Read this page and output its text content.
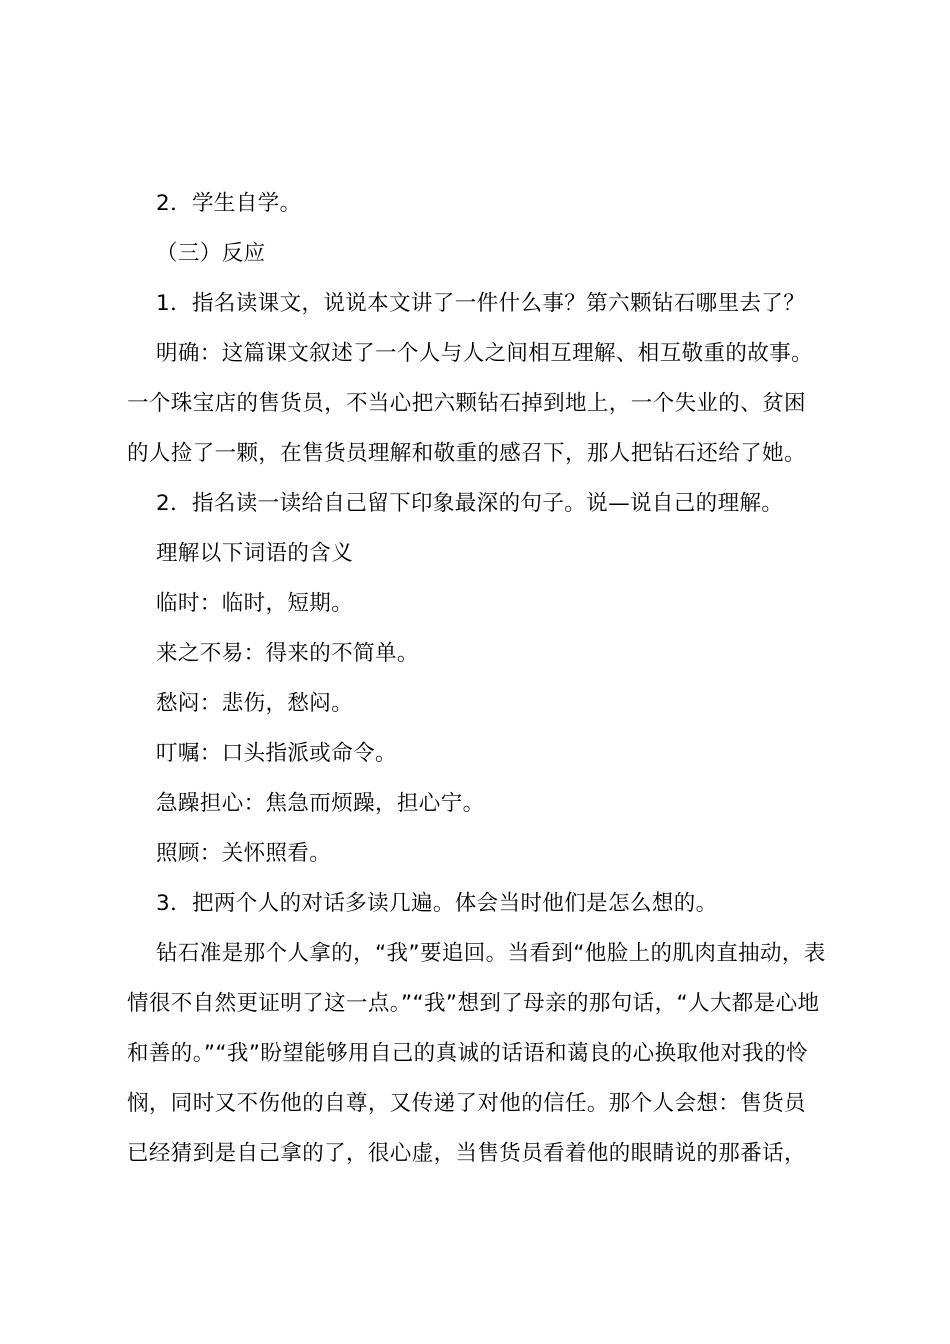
2．学生自学。
（三）反应
1．指名读课文，说说本文讲了一件什么事？第六颗钻石哪里去了？
明确：这篇课文叙述了一个人与人之间相互理解、相互敬重的故事。
一个珠宝店的售货员，不当心把六颗钻石掉到地上，一个失业的、贫困
的人捡了一颗，在售货员理解和敬重的感召下，那人把钻石还给了她。
2．指名读一读给自己留下印象最深的句子。说—说自己的理解。
理解以下词语的含义
临时：临时，短期。
来之不易：得来的不简单。
愁闷：悲伤，愁闷。
叮嘱：口头指派或命令。
急躁担心：焦急而烦躁，担心宁。
照顾：关怀照看。
3．把两个人的对话多读几遍。体会当时他们是怎么想的。
钻石准是那个人拿的，“我”要追回。当看到“他脸上的肌肉直抽动，表
情很不自然更证明了这一点。”“我”想到了母亲的那句话，“人大都是心地
和善的。”“我”盼望能够用自己的真诚的话语和蔼良的心换取他对我的怜
悯，同时又不伤他的自尊，又传递了对他的信任。那个人会想：售货员
已经猜到是自己拿的了，很心虚，当售货员看着他的眼睛说的那番话，
